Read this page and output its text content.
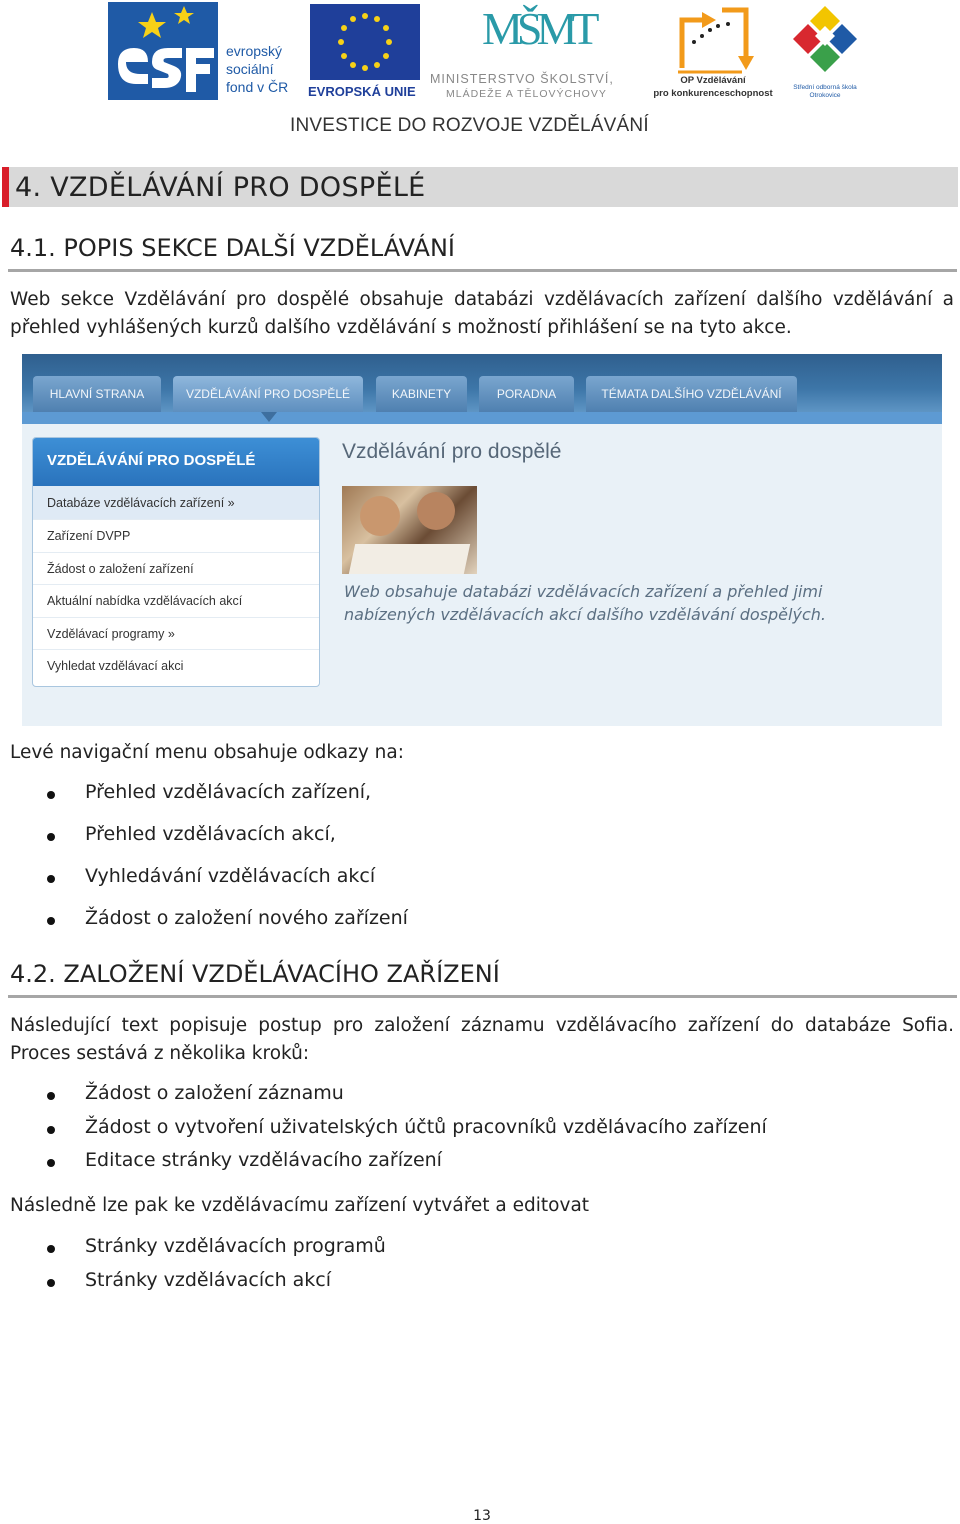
evropský
sociální
fond v ČR EVROPSKÁ UNIE
MŠMT
MINISTERSTVO ŠKOLSTVÍ,
MLÁDEŽE A TĚLOVÝCHOVY
OP Vzdělávání
pro konkurenceschopnost
Střední odborná škola
Otrokovice
INVESTICE DO ROZVOJE VZDĚLÁVÁNÍ
4. VZDĚLÁVÁNÍ PRO DOSPĚLÉ
4.1. POPIS SEKCE DALŠÍ VZDĚLÁVÁNÍ
Web sekce Vzdělávání pro dospělé obsahuje databázi vzdělávacích zařízení dalšího vzdělávání a
přehled vyhlášených kurzů dalšího vzdělávání s možností přihlášení se na tyto akce.
HLAVNÍ STRANA	VZDĚLÁVÁNÍ PRO DOSPĚLÉ	KABINETY	PORADNA	TÉMATA DALŠÍHO VZDĚLÁVÁNÍ
VZDĚLÁVÁNÍ PRO DOSPĚLÉ
Databáze vzdělávacích zařízení »
Zařízení DVPP
Žádost o založení zařízení
Aktuální nabídka vzdělávacích akcí
Vzdělávací programy »
Vyhledat vzdělávací akci
Vzdělávání pro dospělé
Web obsahuje databázi vzdělávacích zařízení a přehled jimi
nabízených vzdělávacích akcí dalšího vzdělávání dospělých.
Levé navigační menu obsahuje odkazy na:
Přehled vzdělávacích zařízení,
Přehled vzdělávacích akcí,
Vyhledávání vzdělávacích akcí
Žádost o založení nového zařízení
4.2. ZALOŽENÍ VZDĚLÁVACÍHO ZAŘÍZENÍ
Následující text popisuje postup pro založení záznamu vzdělávacího zařízení do databáze Sofia.
Proces sestává z několika kroků:
Žádost o založení záznamu
Žádost o vytvoření uživatelských účtů pracovníků vzdělávacího zařízení
Editace stránky vzdělávacího zařízení
Následně lze pak ke vzdělávacímu zařízení vytvářet a editovat
Stránky vzdělávacích programů
Stránky vzdělávacích akcí
13
